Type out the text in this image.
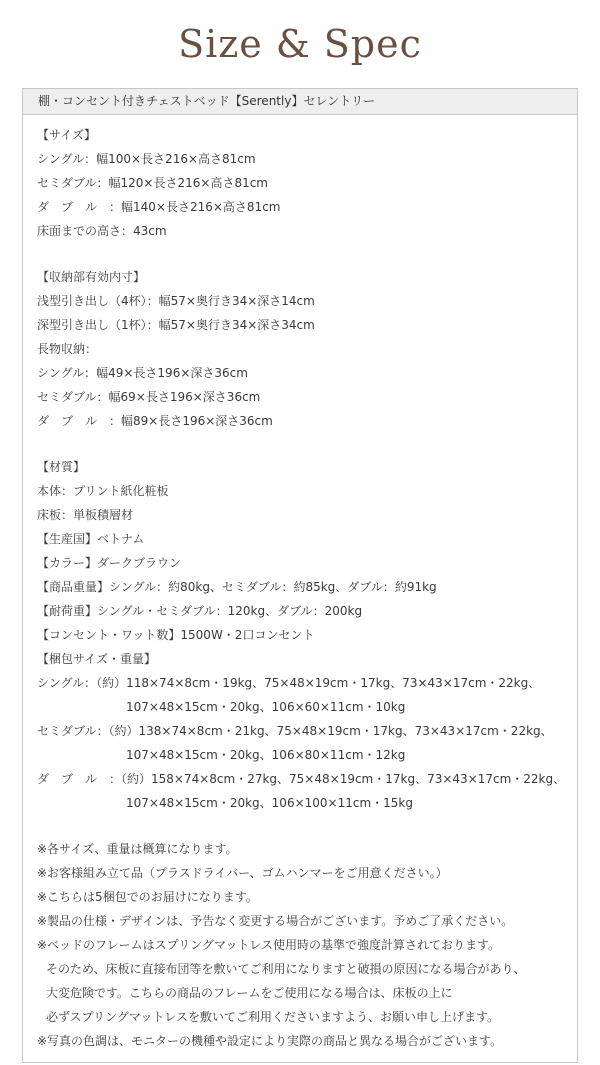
Size & Spec
棚・コンセント付きチェストベッド【Serently】セレントリー
【サイズ】
シングル：幅100×長さ216×高さ81cm
セミダブル：幅120×長さ216×高さ81cm
ダ　ブ　ル　：幅140×長さ216×高さ81cm
床面までの高さ：43cm
【収納部有効内寸】
浅型引き出し（4杯）：幅57×奥行き34×深さ14cm
深型引き出し（1杯）：幅57×奥行き34×深さ34cm
長物収納：
シングル：幅49×長さ196×深さ36cm
セミダブル：幅69×長さ196×深さ36cm
ダ　ブ　ル　：幅89×長さ196×深さ36cm
【材質】
本体：プリント紙化粧板
床板：単板積層材
【生産国】ベトナム
【カラー】ダークブラウン
【商品重量】シングル：約80kg、セミダブル：約85kg、ダブル：約91kg
【耐荷重】シングル・セミダブル：120kg、ダブル：200kg
【コンセント・ワット数】1500W・2口コンセント
【梱包サイズ・重量】
シングル：（約）118×74×8cm・19kg、75×48×19cm・17kg、73×43×17cm・22kg、
107×48×15cm・20kg、106×60×11cm・10kg
セミダブル：（約）138×74×8cm・21kg、75×48×19cm・17kg、73×43×17cm・22kg、
107×48×15cm・20kg、106×80×11cm・12kg
ダ　ブ　ル　：（約）158×74×8cm・27kg、75×48×19cm・17kg、73×43×17cm・22kg、
107×48×15cm・20kg、106×100×11cm・15kg
※各サイズ、重量は概算になります。
※お客様組み立て品（プラスドライバー、ゴムハンマーをご用意ください。）
※こちらは5梱包でのお届けになります。
※製品の仕様・デザインは、予告なく変更する場合がございます。予めご了承ください。
※ベッドのフレームはスプリングマットレス使用時の基準で強度計算されております。
そのため、床板に直接布団等を敷いてご利用になりますと破損の原因になる場合があり、
大変危険です。こちらの商品のフレームをご使用になる場合は、床板の上に
必ずスプリングマットレスを敷いてご利用くださいますよう、お願い申し上げます。
※写真の色調は、モニターの機種や設定により実際の商品と異なる場合がございます。
